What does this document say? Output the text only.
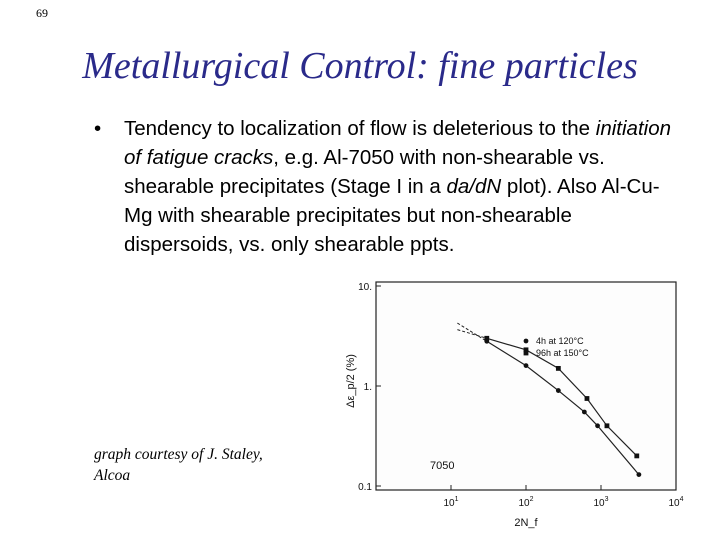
69
Metallurgical Control: fine particles
• Tendency to localization of flow is deleterious to the initiation of fatigue cracks, e.g. Al-7050 with non-shearable vs. shearable precipitates (Stage I in a da/dN plot). Also Al-Cu-Mg with shearable precipitates but non-shearable dispersoids, vs. only shearable ppts.
graph courtesy of J. Staley, Alcoa
$10^1$	$10^2$	$10^3$	$10^4$
10.
1.
0.1
4h at 120°C
96h at 150°C
Δε_p/2 (%)
2N_f
7050
